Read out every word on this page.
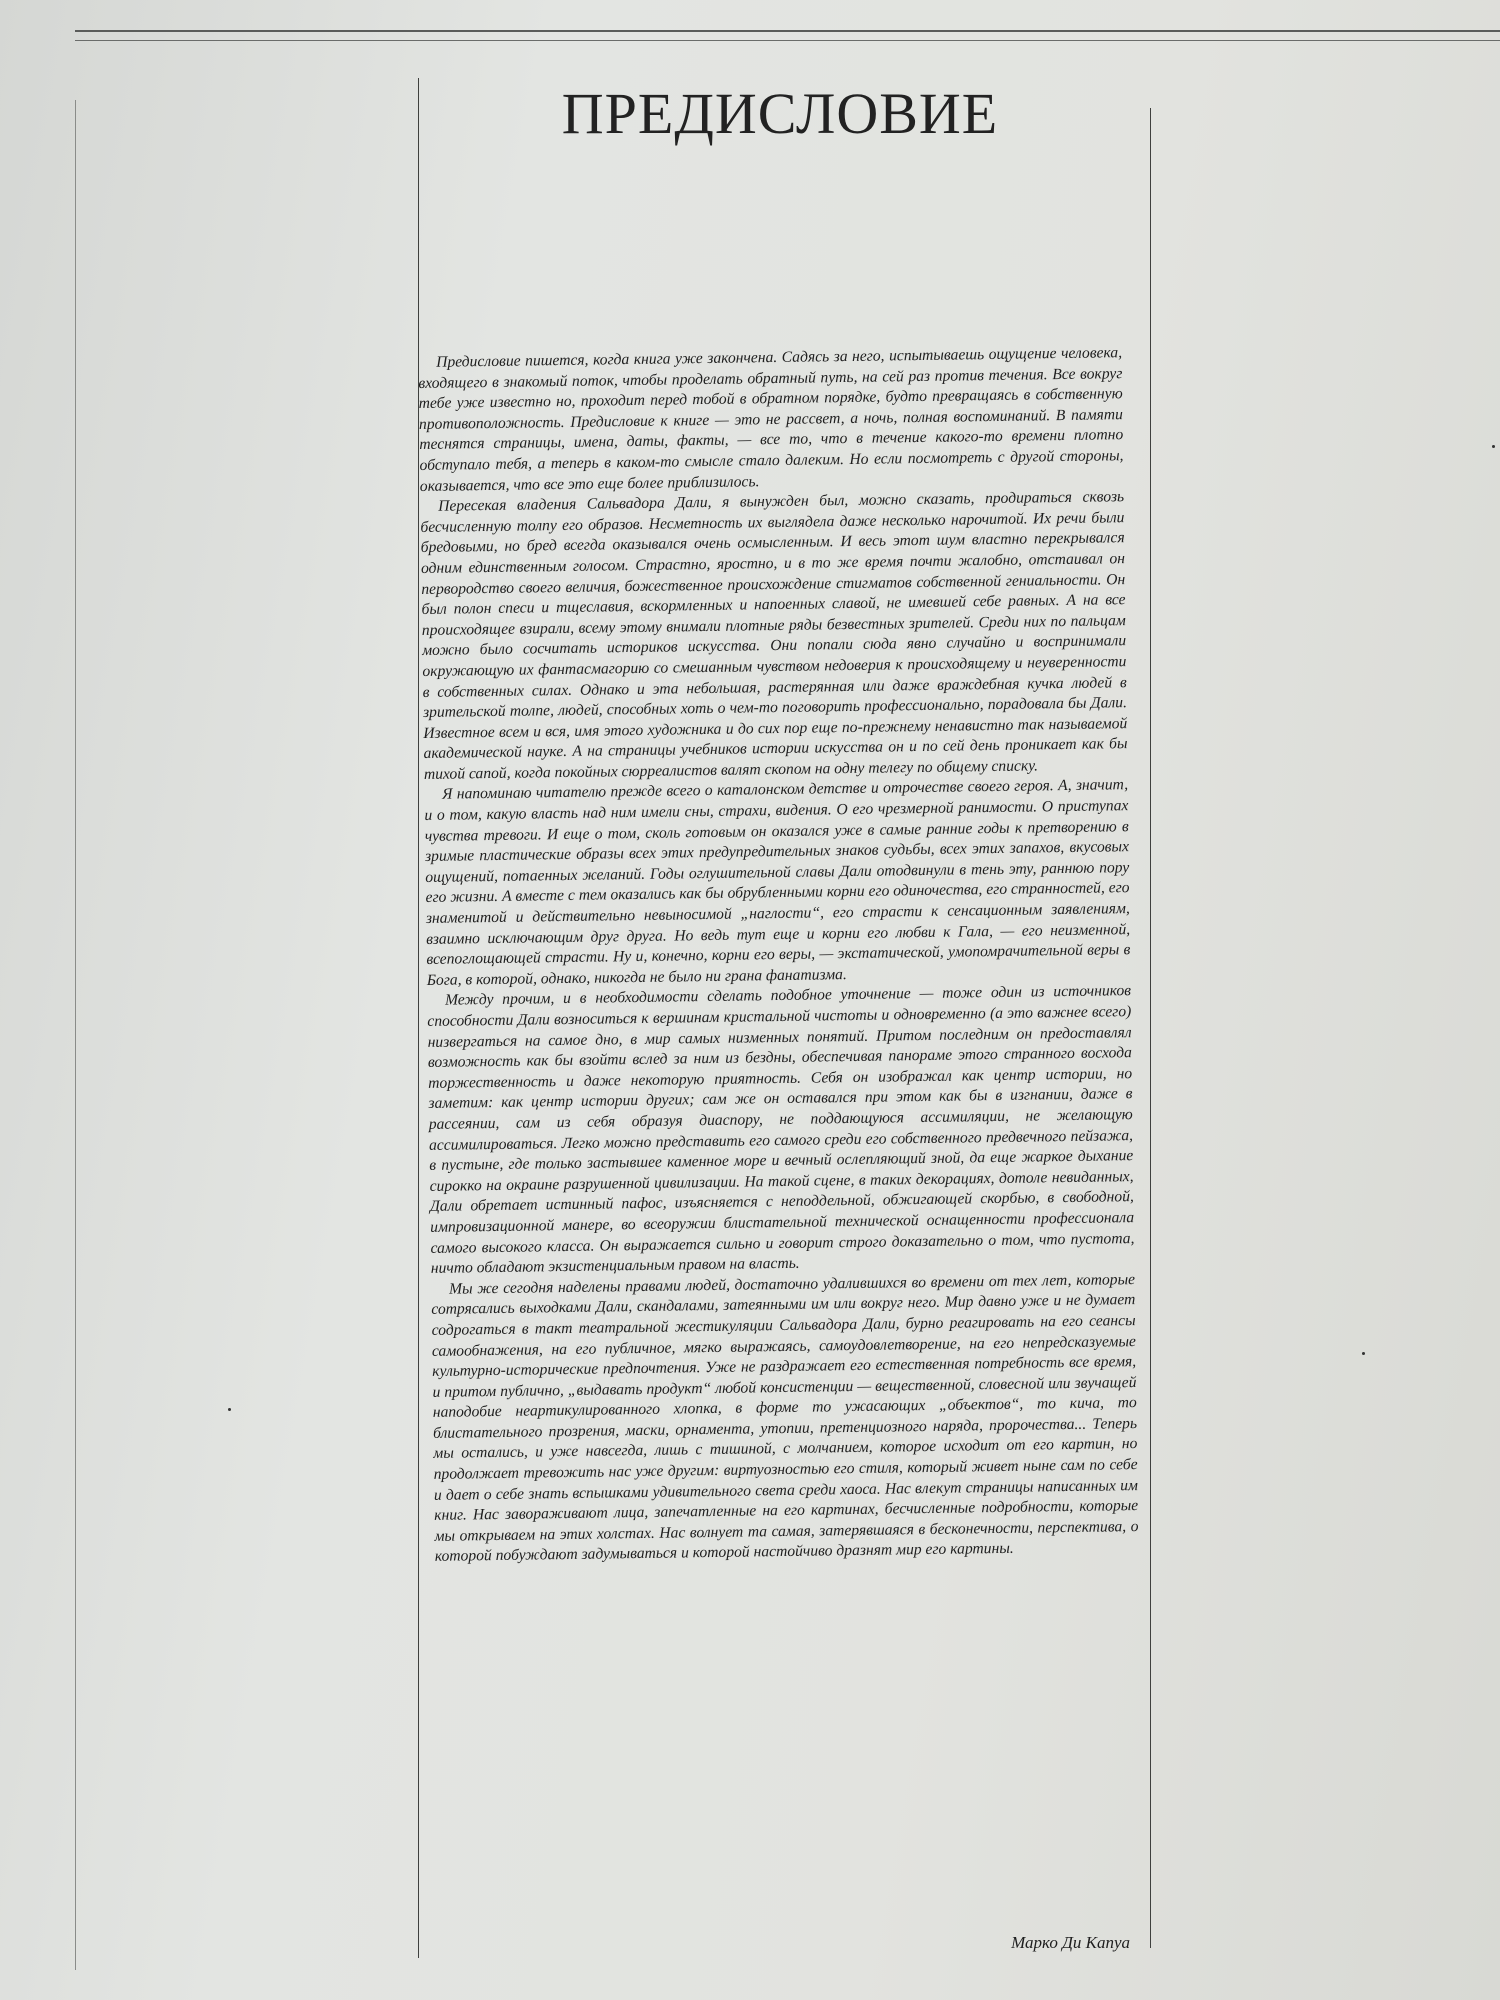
ПРЕДИСЛОВИЕ

Предисловие пишется, когда книга уже закончена. Садясь за него, испытываешь ощущение человека, входящего в знакомый поток, чтобы проделать обратный путь, на сей раз против течения. Все вокруг тебе уже известно но, проходит перед тобой в обратном порядке, будто превращаясь в собственную противоположность. Предисловие к книге — это не рассвет, а ночь, полная воспоминаний. В памяти теснятся страницы, имена, даты, факты, — все то, что в течение какого-то времени плотно обступало тебя, а теперь в каком-то смысле стало далеким. Но если посмотреть с другой стороны, оказывается, что все это еще более приблизилось.

Пересекая владения Сальвадора Дали, я вынужден был, можно сказать, продираться сквозь бесчисленную толпу его образов. Несметность их выглядела даже несколько нарочитой. Их речи были бредовыми, но бред всегда оказывался очень осмысленным. И весь этот шум властно перекрывался одним единственным голосом. Страстно, яростно, и в то же время почти жалобно, отстаивал он первородство своего величия, божественное происхождение стигматов собственной гениальности. Он был полон спеси и тщеславия, вскормленных и напоенных славой, не имевшей себе равных. А на все происходящее взирали, всему этому внимали плотные ряды безвестных зрителей. Среди них по пальцам можно было сосчитать историков искусства. Они попали сюда явно случайно и воспринимали окружающую их фантасмагорию со смешанным чувством недоверия к происходящему и неуверенности в собственных силах. Однако и эта небольшая, растерянная или даже враждебная кучка людей в зрительской толпе, людей, способных хоть о чем-то поговорить профессионально, порадовала бы Дали. Известное всем и вся, имя этого художника и до сих пор еще по-прежнему ненавистно так называемой академической науке. А на страницы учебников истории искусства он и по сей день проникает как бы тихой сапой, когда покойных сюрреалистов валят скопом на одну телегу по общему списку.

Я напоминаю читателю прежде всего о каталонском детстве и отрочестве своего героя. А, значит, и о том, какую власть над ним имели сны, страхи, видения. О его чрезмерной ранимости. О приступах чувства тревоги. И еще о том, сколь готовым он оказался уже в самые ранние годы к претворению в зримые пластические образы всех этих предупредительных знаков судьбы, всех этих запахов, вкусовых ощущений, потаенных желаний. Годы оглушительной славы Дали отодвинули в тень эту, раннюю пору его жизни. А вместе с тем оказались как бы обрубленными корни его одиночества, его странностей, его знаменитой и действительно невыносимой „наглости“, его страсти к сенсационным заявлениям, взаимно исключающим друг друга. Но ведь тут еще и корни его любви к Гала, — его неизменной, всепоглощающей страсти. Ну и, конечно, корни его веры, — экстатической, умопомрачительной веры в Бога, в которой, однако, никогда не было ни грана фанатизма.

Между прочим, и в необходимости сделать подобное уточнение — тоже один из источников способности Дали возноситься к вершинам кристальной чистоты и одновременно (а это важнее всего) низвергаться на самое дно, в мир самых низменных понятий. Притом последним он предоставлял возможность как бы взойти вслед за ним из бездны, обеспечивая панораме этого странного восхода торжественность и даже некоторую приятность. Себя он изображал как центр истории, но заметим: как центр истории других; сам же он оставался при этом как бы в изгнании, даже в рассеянии, сам из себя образуя диаспору, не поддающуюся ассимиляции, не желающую ассимилироваться. Легко можно представить его самого среди его собственного предвечного пейзажа, в пустыне, где только застывшее каменное море и вечный ослепляющий зной, да еще жаркое дыхание сирокко на окраине разрушенной цивилизации. На такой сцене, в таких декорациях, дотоле невиданных, Дали обретает истинный пафос, изъясняется с неподдельной, обжигающей скорбью, в свободной, импровизационной манере, во всеоружии блистательной технической оснащенности профессионала самого высокого класса. Он выражается сильно и говорит строго доказательно о том, что пустота, ничто обладают экзистенциальным правом на власть.

Мы же сегодня наделены правами людей, достаточно удалившихся во времени от тех лет, которые сотрясались выходками Дали, скандалами, затеянными им или вокруг него. Мир давно уже и не думает содрогаться в такт театральной жестикуляции Сальвадора Дали, бурно реагировать на его сеансы самообнажения, на его публичное, мягко выражаясь, самоудовлетворение, на его непредсказуемые культурно-исторические предпочтения. Уже не раздражает его естественная потребность все время, и притом публично, „выдавать продукт“ любой консистенции — вещественной, словесной или звучащей наподобие неартикулированного хлопка, в форме то ужасающих „объектов“, то кича, то блистательного прозрения, маски, орнамента, утопии, претенциозного наряда, пророчества... Теперь мы остались, и уже навсегда, лишь с тишиной, с молчанием, которое исходит от его картин, но продолжает тревожить нас уже другим: виртуозностью его стиля, который живет ныне сам по себе и дает о себе знать вспышками удивительного света среди хаоса. Нас влекут страницы написанных им книг. Нас завораживают лица, запечатленные на его картинах, бесчисленные подробности, которые мы открываем на этих холстах. Нас волнует та самая, затерявшаяся в бесконечности, перспектива, о которой побуждают задумываться и которой настойчиво дразнят мир его картины.

Марко Ди Капуа
